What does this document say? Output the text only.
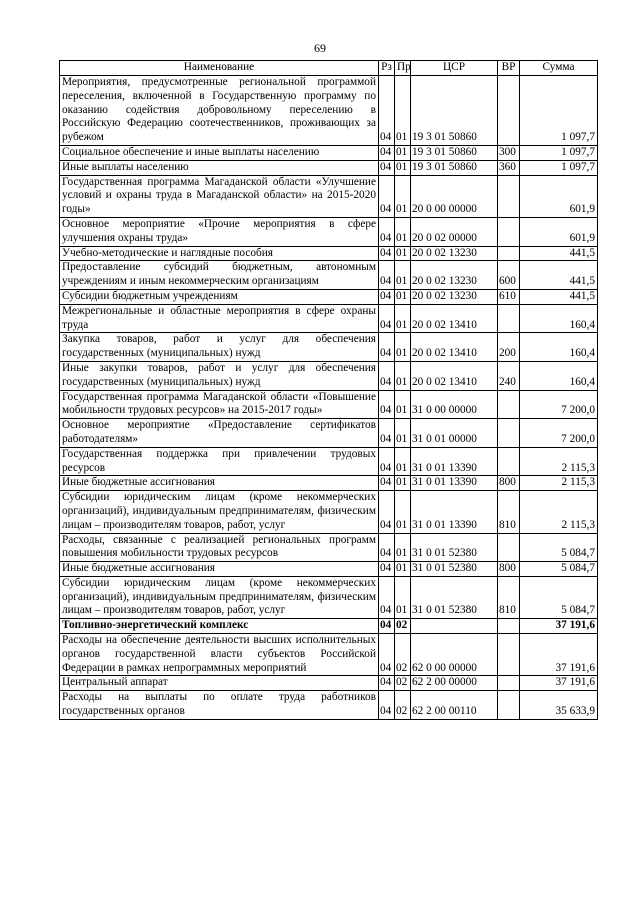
69
Наименование	Рз	Пр	ЦСР	ВР	Сумма
Мероприятия, предусмотренные региональной программой переселения, включенной в Государственную программу по оказанию содействия добровольному переселению в Российскую Федерацию соотечественников, проживающих за рубежом	04	01	19 3 01 50860		1 097,7
Социальное обеспечение и иные выплаты населению	04	01	19 3 01 50860	300	1 097,7
Иные выплаты населению	04	01	19 3 01 50860	360	1 097,7
Государственная программа Магаданской области «Улучшение условий и охраны труда в Магаданской области» на 2015-2020 годы»	04	01	20 0 00 00000		601,9
Основное мероприятие «Прочие мероприятия в сфере улучшения охраны труда»	04	01	20 0 02 00000		601,9
Учебно-методические и наглядные пособия	04	01	20 0 02 13230		441,5
Предоставление субсидий бюджетным, автономным учреждениям и иным некоммерческим организациям	04	01	20 0 02 13230	600	441,5
Субсидии бюджетным учреждениям	04	01	20 0 02 13230	610	441,5
Межрегиональные и областные мероприятия в сфере охраны труда	04	01	20 0 02 13410		160,4
Закупка товаров, работ и услуг для обеспечения государственных (муниципальных) нужд	04	01	20 0 02 13410	200	160,4
Иные закупки товаров, работ и услуг для обеспечения государственных (муниципальных) нужд	04	01	20 0 02 13410	240	160,4
Государственная программа Магаданской области «Повышение мобильности трудовых ресурсов» на 2015-2017 годы»	04	01	31 0 00 00000		7 200,0
Основное мероприятие «Предоставление сертификатов работодателям»	04	01	31 0 01 00000		7 200,0
Государственная поддержка при привлечении трудовых ресурсов	04	01	31 0 01 13390		2 115,3
Иные бюджетные ассигнования	04	01	31 0 01 13390	800	2 115,3
Субсидии юридическим лицам (кроме некоммерческих организаций), индивидуальным предпринимателям, физическим лицам – производителям товаров, работ, услуг	04	01	31 0 01 13390	810	2 115,3
Расходы, связанные с реализацией региональных программ повышения мобильности трудовых ресурсов	04	01	31 0 01 52380		5 084,7
Иные бюджетные ассигнования	04	01	31 0 01 52380	800	5 084,7
Субсидии юридическим лицам (кроме некоммерческих организаций), индивидуальным предпринимателям, физическим лицам – производителям товаров, работ, услуг	04	01	31 0 01 52380	810	5 084,7
Топливно-энергетический комплекс	04	02			37 191,6
Расходы на обеспечение деятельности высших исполнительных органов государственной власти субъектов Российской Федерации в рамках непрограммных мероприятий	04	02	62 0 00 00000		37 191,6
Центральный аппарат	04	02	62 2 00 00000		37 191,6
Расходы на выплаты по оплате труда работников государственных органов	04	02	62 2 00 00110		35 633,9
